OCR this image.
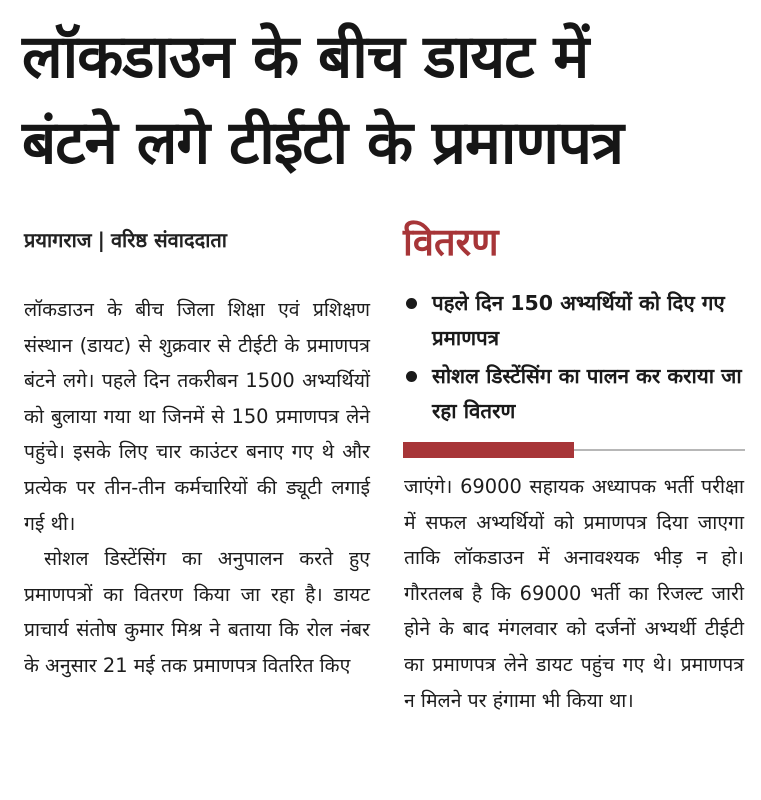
लॉकडाउन के बीच डायट में
बंटने लगे टीईटी के प्रमाणपत्र
प्रयागराज | वरिष्ठ संवाददाता

लॉकडाउन के बीच जिला शिक्षा एवं प्रशिक्षण संस्थान (डायट) से शुक्रवार से टीईटी के प्रमाणपत्र बंटने लगे। पहले दिन तकरीबन 1500 अभ्यर्थियों को बुलाया गया था जिनमें से 150 प्रमाणपत्र लेने पहुंचे। इसके लिए चार काउंटर बनाए गए थे और प्रत्येक पर तीन-तीन कर्मचारियों की ड्यूटी लगाई गई थी।

सोशल डिस्टेंसिंग का अनुपालन करते हुए प्रमाणपत्रों का वितरण किया जा रहा है। डायट प्राचार्य संतोष कुमार मिश्र ने बताया कि रोल नंबर के अनुसार 21 मई तक प्रमाणपत्र वितरित किए

वितरण
पहले दिन 150 अभ्यर्थियों को दिए गए प्रमाणपत्र
सोशल डिस्टेंसिंग का पालन कर कराया जा रहा वितरण

जाएंगे। 69000 सहायक अध्यापक भर्ती परीक्षा में सफल अभ्यर्थियों को प्रमाणपत्र दिया जाएगा ताकि लॉकडाउन में अनावश्यक भीड़ न हो। गौरतलब है कि 69000 भर्ती का रिजल्ट जारी होने के बाद मंगलवार को दर्जनों अभ्यर्थी टीईटी का प्रमाणपत्र लेने डायट पहुंच गए थे। प्रमाणपत्र न मिलने पर हंगामा भी किया था।
